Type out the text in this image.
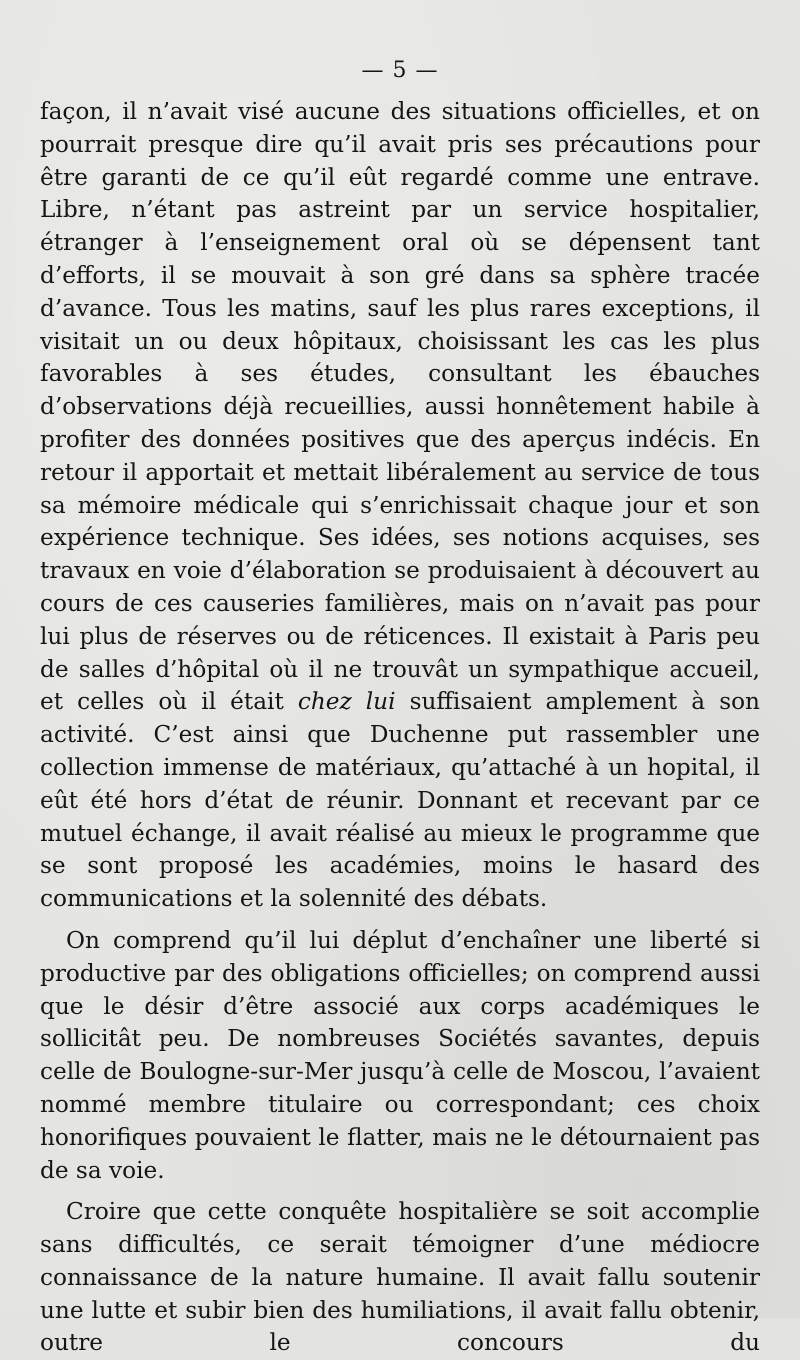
— 5 —

façon, il n’avait visé aucune des situations officielles, et on pourrait presque dire qu’il avait pris ses précautions pour être garanti de ce qu’il eût regardé comme une entrave. Libre, n’étant pas astreint par un service hospitalier, étranger à l’enseignement oral où se dépensent tant d’efforts, il se mouvait à son gré dans sa sphère tracée d’avance. Tous les matins, sauf les plus rares exceptions, il visitait un ou deux hôpitaux, choisissant les cas les plus favorables à ses études, consultant les ébauches d’observations déjà recueillies, aussi honnêtement habile à profiter des données positives que des aperçus indécis. En retour il apportait et mettait libéralement au service de tous sa mémoire médicale qui s’enrichissait chaque jour et son expérience technique. Ses idées, ses notions acquises, ses travaux en voie d’élaboration se produisaient à découvert au cours de ces causeries familières, mais on n’avait pas pour lui plus de réserves ou de réticences. Il existait à Paris peu de salles d’hôpital où il ne trouvât un sympathique accueil, et celles où il était chez lui suffisaient amplement à son activité. C’est ainsi que Duchenne put rassembler une collection immense de matériaux, qu’attaché à un hopital, il eût été hors d’état de réunir. Donnant et recevant par ce mutuel échange, il avait réalisé au mieux le programme que se sont proposé les académies, moins le hasard des communications et la solennité des débats.

On comprend qu’il lui déplut d’enchaîner une liberté si productive par des obligations officielles; on comprend aussi que le désir d’être associé aux corps académiques le sollicitât peu. De nombreuses Sociétés savantes, depuis celle de Boulogne-sur-Mer jusqu’à celle de Moscou, l’avaient nommé membre titulaire ou correspondant; ces choix honorifiques pouvaient le flatter, mais ne le détournaient pas de sa voie.

Croire que cette conquête hospitalière se soit accomplie sans difficultés, ce serait témoigner d’une médiocre connaissance de la nature humaine. Il avait fallu soutenir une lutte et subir bien des humiliations, il avait fallu obtenir, outre le concours du
